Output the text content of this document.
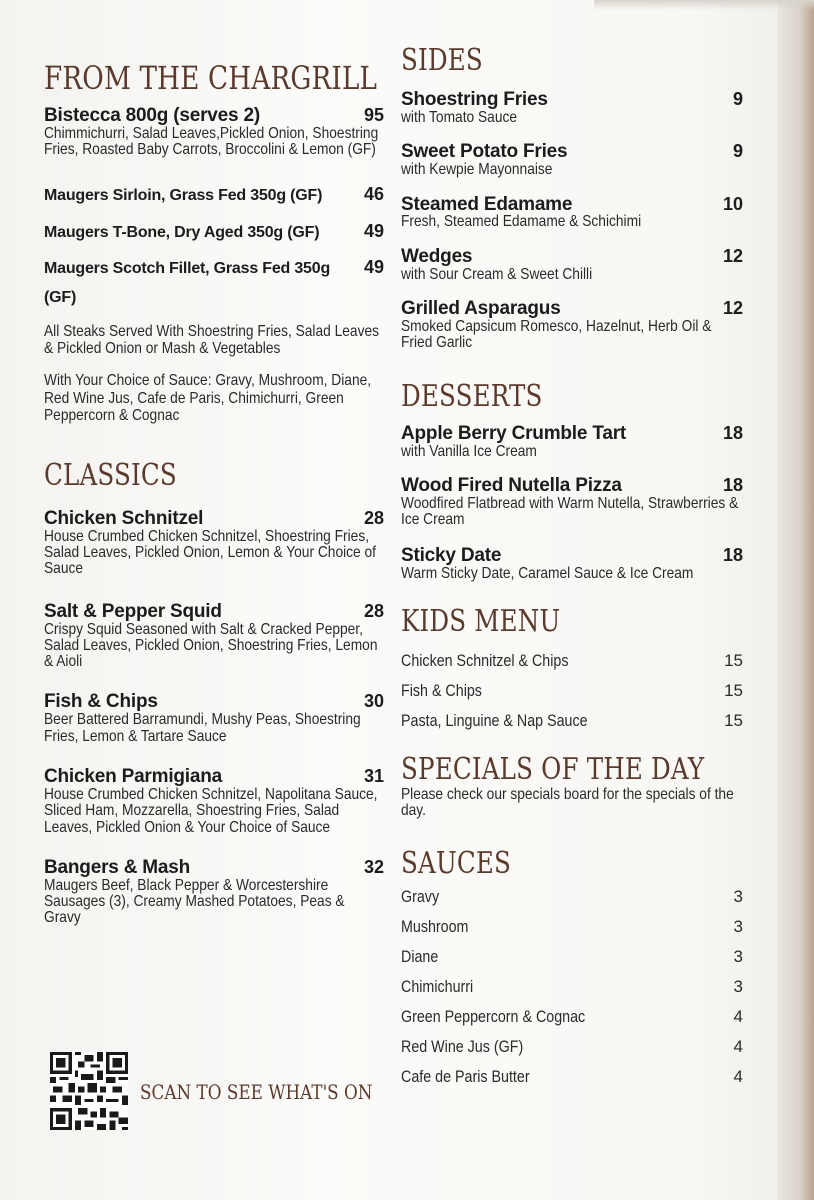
FROM THE CHARGRILL
Bistecca 800g (serves 2)	95
Chimmichurri, Salad Leaves,Pickled Onion, Shoestring Fries, Roasted Baby Carrots, Broccolini & Lemon (GF)
Maugers Sirloin, Grass Fed 350g (GF) 46
Maugers T-Bone, Dry Aged 350g (GF) 49
Maugers Scotch Fillet, Grass Fed 350g 49
(GF)
All Steaks Served With Shoestring Fries, Salad Leaves & Pickled Onion or Mash & Vegetables
With Your Choice of Sauce: Gravy, Mushroom, Diane, Red Wine Jus, Cafe de Paris, Chimichurri, Green Peppercorn & Cognac
CLASSICS
Chicken Schnitzel	28
House Crumbed Chicken Schnitzel, Shoestring Fries, Salad Leaves, Pickled Onion, Lemon & Your Choice of Sauce
Salt & Pepper Squid	28
Crispy Squid Seasoned with Salt & Cracked Pepper, Salad Leaves, Pickled Onion, Shoestring Fries, Lemon & Aioli
Fish & Chips	30
Beer Battered Barramundi, Mushy Peas, Shoestring Fries, Lemon & Tartare Sauce
Chicken Parmigiana	31
House Crumbed Chicken Schnitzel, Napolitana Sauce, Sliced Ham, Mozzarella, Shoestring Fries, Salad Leaves, Pickled Onion & Your Choice of Sauce
Bangers & Mash	32
Maugers Beef, Black Pepper & Worcestershire Sausages (3), Creamy Mashed Potatoes, Peas & Gravy
SCAN TO SEE WHAT'S ON
SIDES
Shoestring Fries	9
with Tomato Sauce
Sweet Potato Fries	9
with Kewpie Mayonnaise
Steamed Edamame	10
Fresh, Steamed Edamame & Schichimi
Wedges	12
with Sour Cream & Sweet Chilli
Grilled Asparagus	12
Smoked Capsicum Romesco, Hazelnut, Herb Oil & Fried Garlic
DESSERTS
Apple Berry Crumble Tart	18
with Vanilla Ice Cream
Wood Fired Nutella Pizza	18
Woodfired Flatbread with Warm Nutella, Strawberries & Ice Cream
Sticky Date	18
Warm Sticky Date, Caramel Sauce & Ice Cream
KIDS MENU
Chicken Schnitzel & Chips	15
Fish & Chips	15
Pasta, Linguine & Nap Sauce	15
SPECIALS OF THE DAY
Please check our specials board for the specials of the day.
SAUCES
Gravy	3
Mushroom	3
Diane	3
Chimichurri	3
Green Peppercorn & Cognac	4
Red Wine Jus (GF)	4
Cafe de Paris Butter	4
